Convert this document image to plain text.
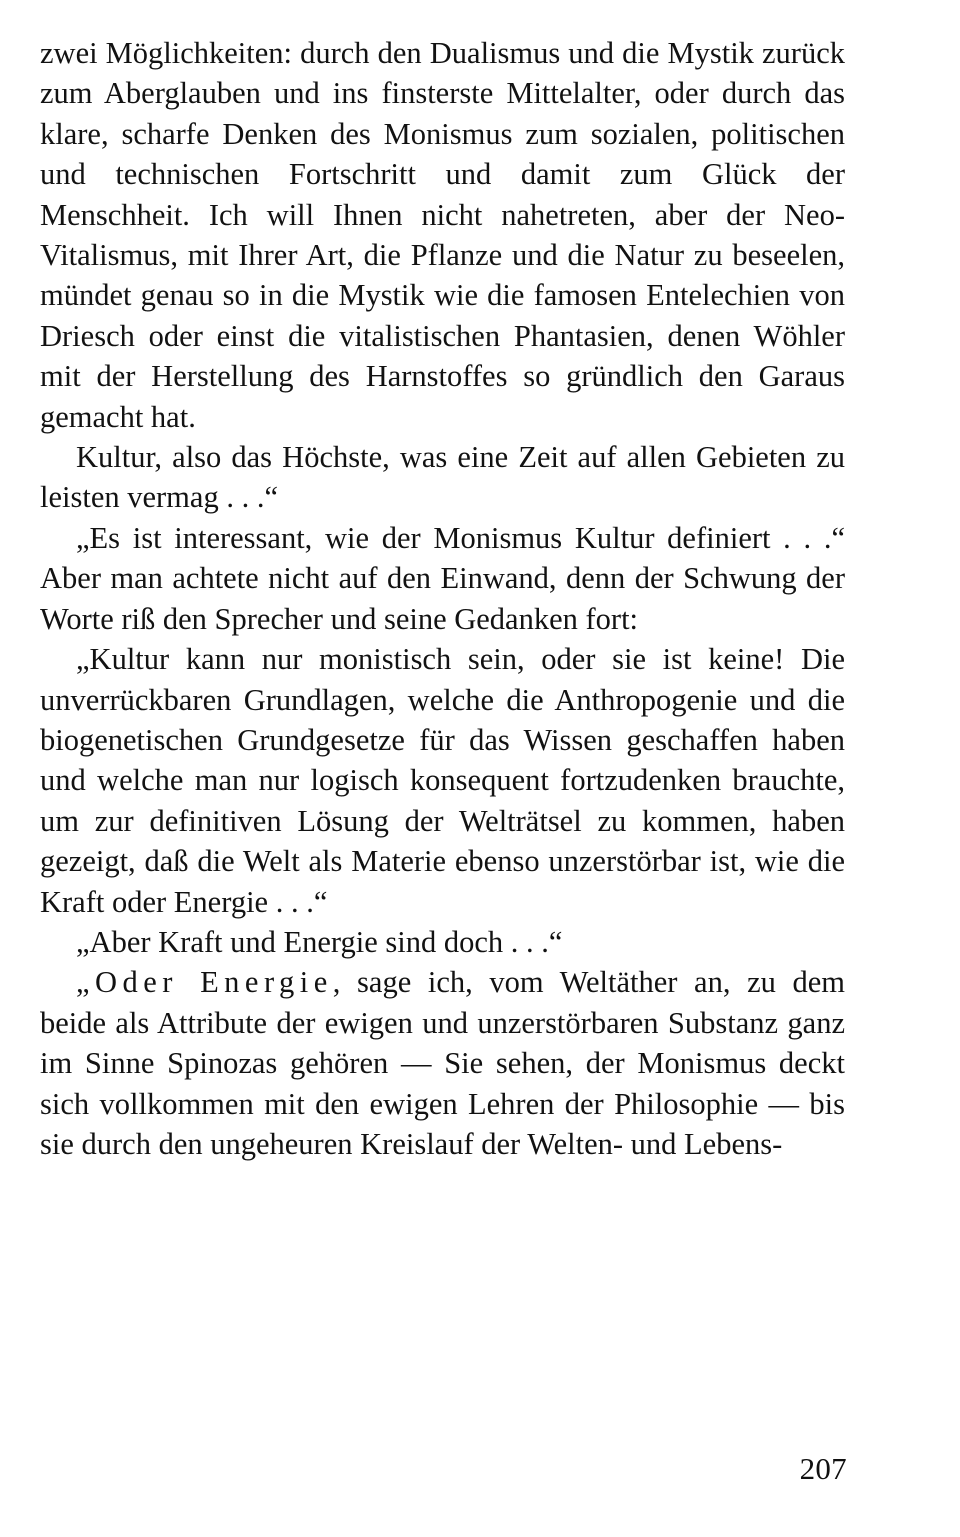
zwei Möglichkeiten: durch den Dualismus und die Mystik zurück zum Aberglauben und ins finsterste Mittelalter, oder durch das klare, scharfe Denken des Monismus zum sozialen, politischen und technischen Fortschritt und damit zum Glück der Menschheit. Ich will Ihnen nicht nahetreten, aber der Neo-Vitalismus, mit Ihrer Art, die Pflanze und die Natur zu beseelen, mündet genau so in die Mystik wie die famosen Entelechien von Driesch oder einst die vitalistischen Phantasien, denen Wöhler mit der Herstellung des Harnstoffes so gründlich den Garaus gemacht hat.

Kultur, also das Höchste, was eine Zeit auf allen Gebieten zu leisten vermag . . .“

„Es ist interessant, wie der Monismus Kultur definiert . . .“ Aber man achtete nicht auf den Einwand, denn der Schwung der Worte riß den Sprecher und seine Gedanken fort:

„Kultur kann nur monistisch sein, oder sie ist keine! Die unverrückbaren Grundlagen, welche die Anthropogenie und die biogenetischen Grundgesetze für das Wissen geschaffen haben und welche man nur logisch konsequent fortzudenken brauchte, um zur definitiven Lösung der Welträtsel zu kommen, haben gezeigt, daß die Welt als Materie ebenso unzerstörbar ist, wie die Kraft oder Energie . . .“

„Aber Kraft und Energie sind doch . . .“

„Oder Energie, sage ich, vom Weltäther an, zu dem beide als Attribute der ewigen und unzerstörbaren Substanz ganz im Sinne Spinozas gehören — Sie sehen, der Monismus deckt sich vollkommen mit den ewigen Lehren der Philosophie — bis sie durch den ungeheuren Kreislauf der Welten- und Lebens-

207
